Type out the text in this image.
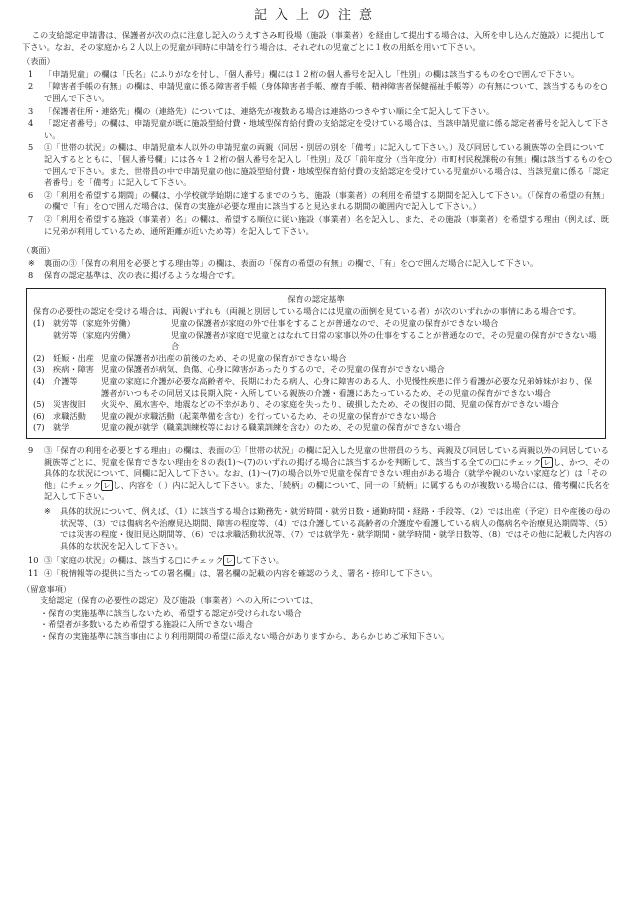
記入上の注意

この支給認定申請書は、保護者が次の点に注意し記入のうえすさみ町役場（施設（事業者）を経由して提出する場合は、入所を申し込んだ施設）に提出して下さい。なお、その家庭から２人以上の児童が同時に申請を行う場合は、それぞれの児童ごとに１枚の用紙を用いて下さい。

（表面）
1	「申請児童」の欄は「氏名」にふりがなを付し、「個人番号」欄には１２桁の個人番号を記入し「性別」の欄は該当するものを○で囲んで下さい。
2	「障害者手帳の有無」の欄は、申請児童に係る障害者手帳（身体障害者手帳、療育手帳、精神障害者保健福祉手帳等）の有無について、該当するものを○で囲んで下さい。
3	「保護者住所・連絡先」欄の（連絡先）については、連絡先が複数ある場合は連絡のつきやすい順に全て記入して下さい。
4	「認定者番号」の欄は、申請児童が既に施設型給付費・地域型保育給付費の支給認定を受けている場合は、当該申請児童に係る認定者番号を記入して下さい。
5	①「世帯の状況」の欄は、申請児童本人以外の申請児童の両親（同居・別居の別を「備考」に記入して下さい。）及び同居している親族等の全員について記入するとともに、「個人番号欄」には各々１２桁の個人番号を記入し「性別」及び「前年度分（当年度分）市町村民税課税の有無」欄は該当するものを○で囲んで下さい。また、世帯員の中で申請児童の他に施設型給付費・地域型保育給付費の支給認定を受けている児童がいる場合は、当該児童に係る「認定者番号」を「備考」に記入して下さい。
6	②「利用を希望する期間」の欄は、小学校就学始期に達するまでのうち、施設（事業者）の利用を希望する期間を記入して下さい。（「保育の希望の有無」の欄で「有」を○で囲んだ場合は、保育の実施が必要な理由に該当すると見込まれる期間の範囲内で記入して下さい。）
7	②「利用を希望する施設（事業者）名」の欄は、希望する順位に従い施設（事業者）名を記入し、また、その施設（事業者）を希望する理由（例えば、既に兄弟が利用しているため、通所距離が近いため等）を記入して下さい。
（裏面）
※	裏面の③「保育の利用を必要とする理由等」の欄は、表面の「保育の希望の有無」の欄で、「有」を○で囲んだ場合に記入して下さい。
8	保育の認定基準は、次の表に掲げるような場合です。
保育の認定基準
保育の必要性の認定を受ける場合は、両親いずれも（両親と別居している場合には児童の面倒を見ている者）が次のいずれかの事情にある場合です。
(1)	就労等（家庭外労働）	児童の保護者が家庭の外で仕事をすることが普通なので、その児童の保育ができない場合
就労等（家庭内労働）	児童の保護者が家庭で児童とはなれて日常の家事以外の仕事をすることが普通なので、その児童の保育ができない場合
(2)	妊娠・出産 児童の保護者が出産の前後のため、その児童の保育ができない場合
(3)	疾病・障害 児童の保護者が病気、負傷、心身に障害があったりするので、その児童の保育ができない場合
(4)	介護等	児童の家庭に介護が必要な高齢者や、長期にわたる病人、心身に障害のある人、小児慢性疾患に伴う看護が必要な兄弟姉妹がおり、保護者がいつもその同居又は長期入院・入所している親族の介護・看護にあたっているため、その児童の保育ができない場合
(5)	災害復旧	火災や、風水害や、地震などの不幸があり、その家庭を失ったり、破損したため、その復旧の間、児童の保育ができない場合
(6)	求職活動	児童の親が求職活動（起業準備を含む）を行っているため、その児童の保育ができない場合
(7)	就学	児童の親が就学（職業訓練校等における職業訓練を含む）のため、その児童の保育ができない場合
9	③「保育の利用を必要とする理由」の欄は、表面の①「世帯の状況」の欄に記入した児童の世帯員のうち、両親及び同居している両親以外の同居している親族等ごとに、児童を保育できない理由を８の表(1)～(7)のいずれの掲げる場合に該当するかを判断して、該当する全ての□にチェック レ し、かつ、その具体的な状況について、同欄に記入して下さい。なお、(1)～(7)の場合以外で児童を保育できない理由がある場合（就学や親のいない家庭など）は「その他」にチェック レ し、内容を（ ）内に記入して下さい。また、「続柄」の欄について、同一の「続柄」に属するものが複数いる場合には、備考欄に氏名を記入して下さい。
※	具体的状況について、例えば、（1）に該当する場合は勤務先・就労時間・就労日数・通勤時間・経路・手段等、（2）では出産（予定）日や産後の母の状況等、（3）では傷病名や治療見込期間、障害の程度等、（4）では介護している高齢者の介護度や看護している病人の傷病名や治療見込期間等、（5）では災害の程度・復旧見込期間等、（6）では求職活動状況等、（7）では就学先・就学期間・就学時間・就学日数等、（8）ではその他に記載した内容の具体的な状況を記入して下さい。
10 ③「家庭の状況」の欄は、該当する□にチェック レ して下さい。
11 ④「税情報等の提供に当たっての署名欄」は、署名欄の記載の内容を確認のうえ、署名・捺印して下さい。
（留意事項）
支給認定（保育の必要性の認定）及び施設（事業者）への入所については、
・保育の実施基準に該当しないため、希望する認定が受けられない場合
・希望者が多数いるため希望する施設に入所できない場合
・保育の実施基準に該当事由により利用期間の希望に添えない場合がありますから、あらかじめご承知下さい。
